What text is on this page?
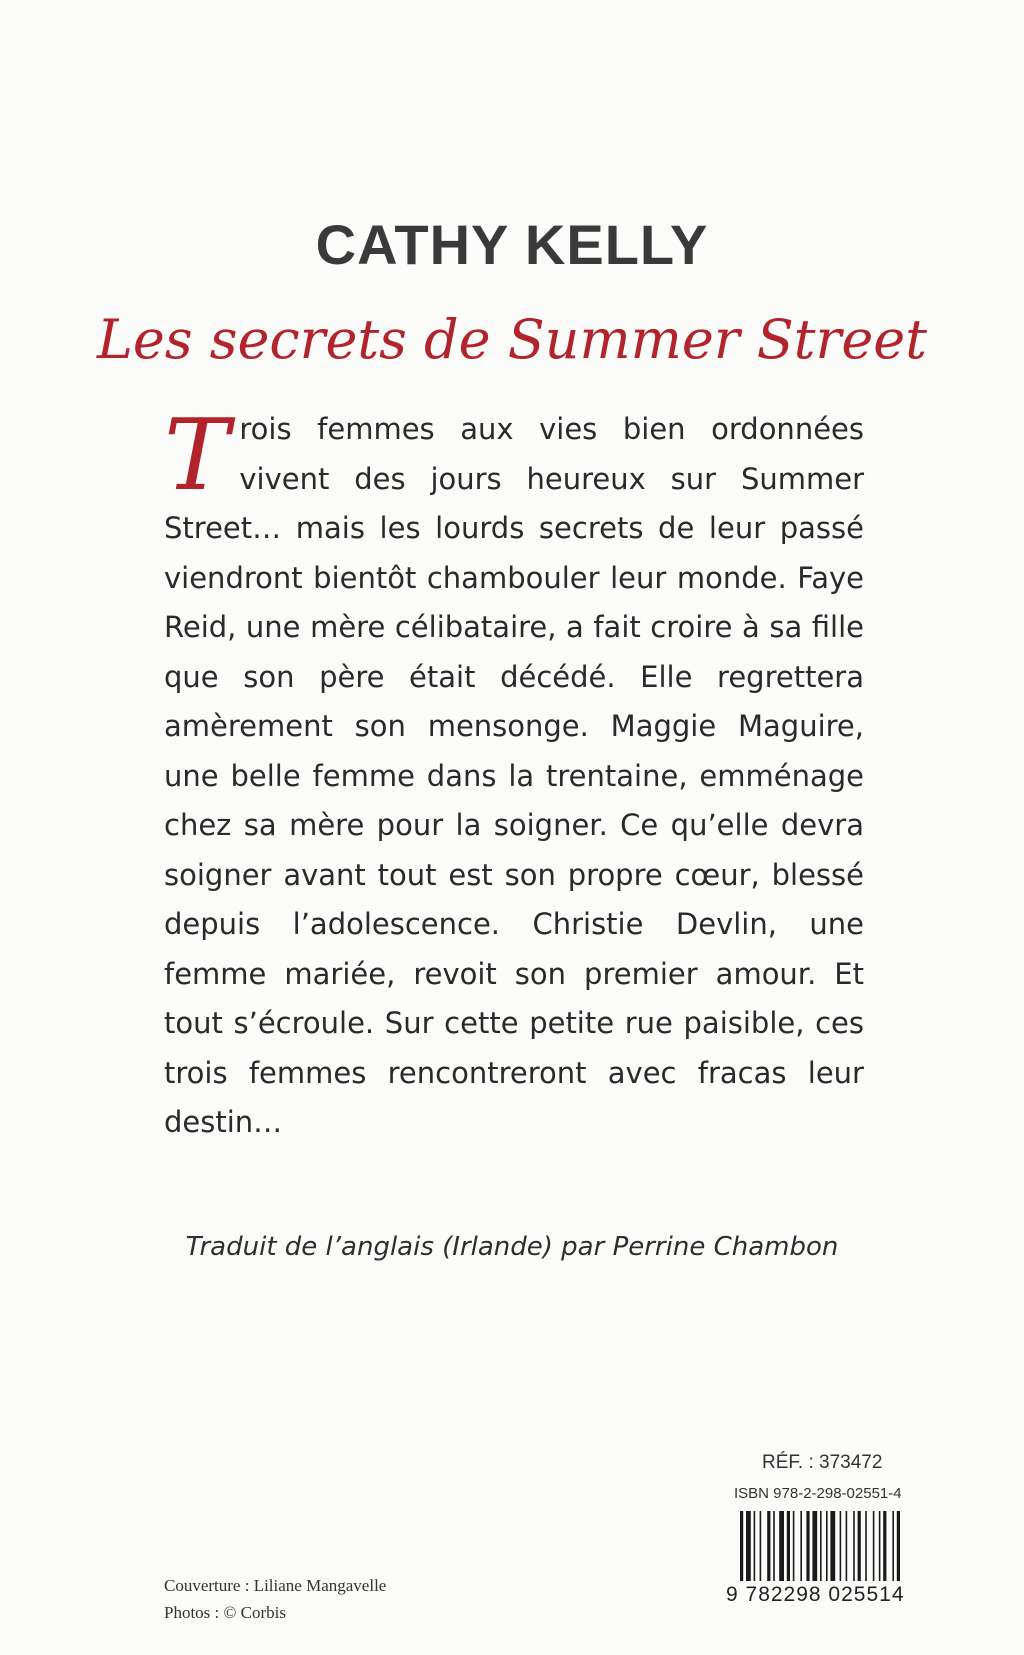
CATHY KELLY
Les secrets de Summer Street
T rois femmes aux vies bien ordonnées vivent des jours heureux sur Summer Street… mais les lourds secrets de leur passé viendront bientôt chambouler leur monde. Faye Reid, une mère célibataire, a fait croire à sa fille que son père était décédé. Elle regrettera amèrement son mensonge. Maggie Maguire, une belle femme dans la trentaine, emménage chez sa mère pour la soigner. Ce qu’elle devra soigner avant tout est son propre cœur, blessé depuis l’adolescence. Christie Devlin, une femme mariée, revoit son premier amour. Et tout s’écroule. Sur cette petite rue paisible, ces trois femmes rencontreront avec fracas leur destin…
Traduit de l’anglais (Irlande) par Perrine Chambon
RÉF. : 373472
ISBN 978-2-298-02551-4
9 782298 025514
Couverture : Liliane Mangavelle
Photos : © Corbis
